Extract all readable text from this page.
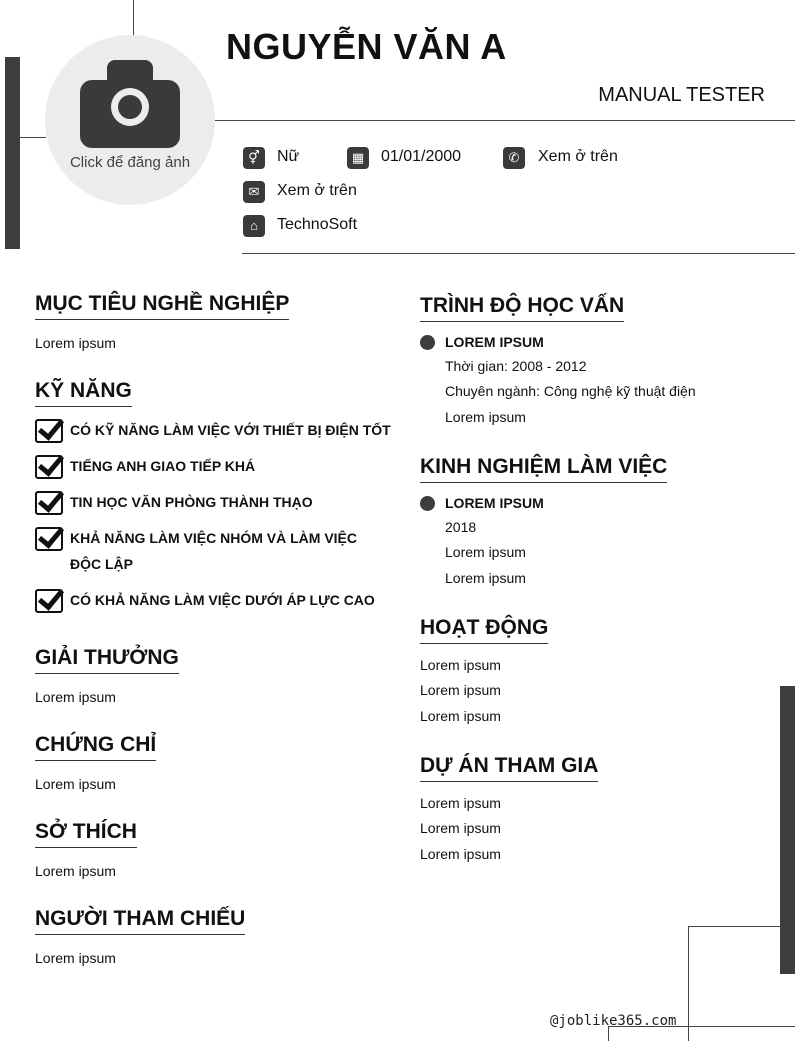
Click để đăng ảnh
NGUYỄN VĂN A
MANUAL TESTER
⚥	Nữ	▦	01/01/2000	✆	Xem ở trên
✉	Xem ở trên
⌂	TechnoSoft
MỤC TIÊU NGHỀ NGHIỆP
Lorem ipsum
KỸ NĂNG
CÓ KỸ NĂNG LÀM VIỆC VỚI THIẾT BỊ ĐIỆN TỐT
TIẾNG ANH GIAO TIẾP KHÁ
TIN HỌC VĂN PHÒNG THÀNH THẠO
KHẢ NĂNG LÀM VIỆC NHÓM VÀ LÀM VIỆC ĐỘC LẬP
CÓ KHẢ NĂNG LÀM VIỆC DƯỚI ÁP LỰC CAO
GIẢI THƯỞNG
Lorem ipsum
CHỨNG CHỈ
Lorem ipsum
SỞ THÍCH
Lorem ipsum
NGƯỜI THAM CHIẾU
Lorem ipsum
TRÌNH ĐỘ HỌC VẤN
LOREM IPSUM
Thời gian: 2008 - 2012
Chuyên ngành: Công nghệ kỹ thuật điện
Lorem ipsum
KINH NGHIỆM LÀM VIỆC
LOREM IPSUM
2018
Lorem ipsum
Lorem ipsum
HOẠT ĐỘNG
Lorem ipsum
Lorem ipsum
Lorem ipsum
DỰ ÁN THAM GIA
Lorem ipsum
Lorem ipsum
Lorem ipsum
@joblike365.com
